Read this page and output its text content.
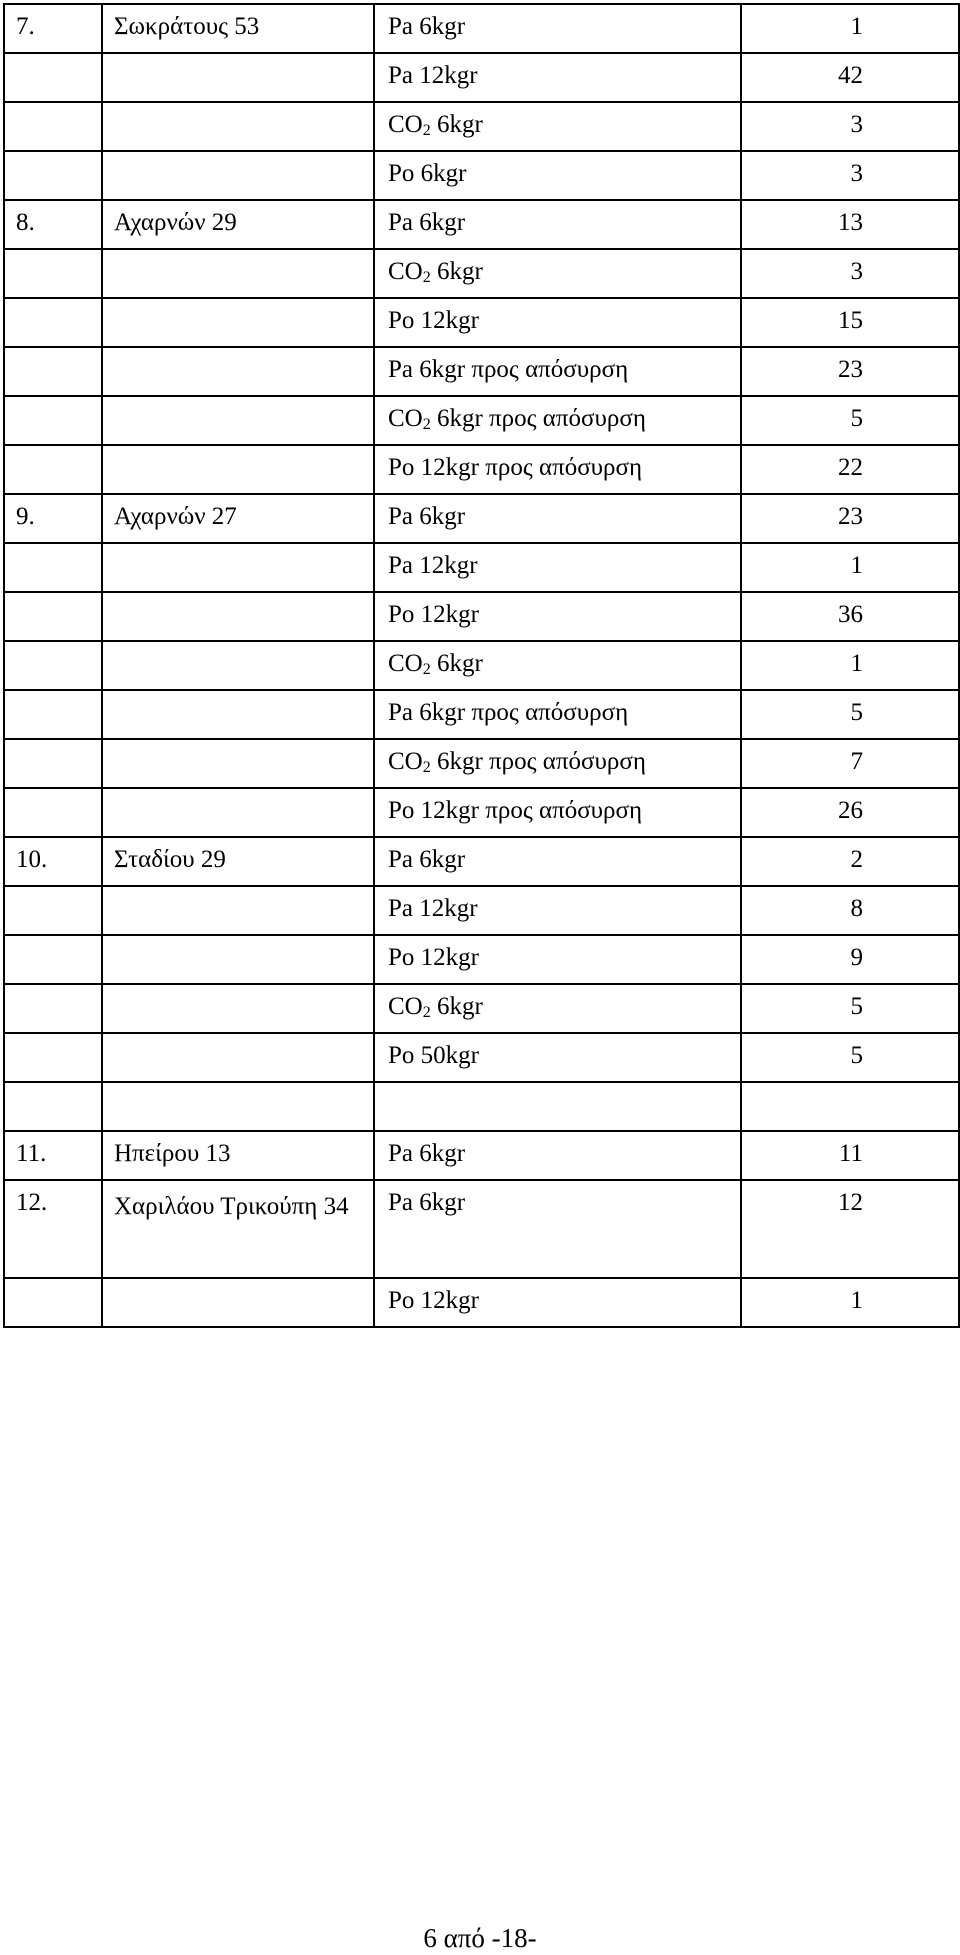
7.	Σωκράτους 53	Pa 6kgr	1
		Pa 12kgr	42
		$CO_2$ 6kgr	3
		Po 6kgr	3
8.	Αχαρνών 29	Pa 6kgr	13
		$CO_2$ 6kgr	3
		Po 12kgr	15
		Pa 6kgr προς απόσυρση	23
		$CO_2$ 6kgr προς απόσυρση	5
		Po 12kgr προς απόσυρση	22
9.	Αχαρνών 27	Pa 6kgr	23
		Pa 12kgr	1
		Po 12kgr	36
		$CO_2$ 6kgr	1
		Pa 6kgr προς απόσυρση	5
		$CO_2$ 6kgr προς απόσυρση	7
		Po 12kgr προς απόσυρση	26
10.	Σταδίου 29	Pa 6kgr	2
		Pa 12kgr	8
		Po 12kgr	9
		$CO_2$ 6kgr	5
		Po 50kgr	5

11.	Ηπείρου 13	Pa 6kgr	11
12.	Χαριλάου Τρικούπη 34	Pa 6kgr	12
		Po 12kgr	1
6 από -18-
